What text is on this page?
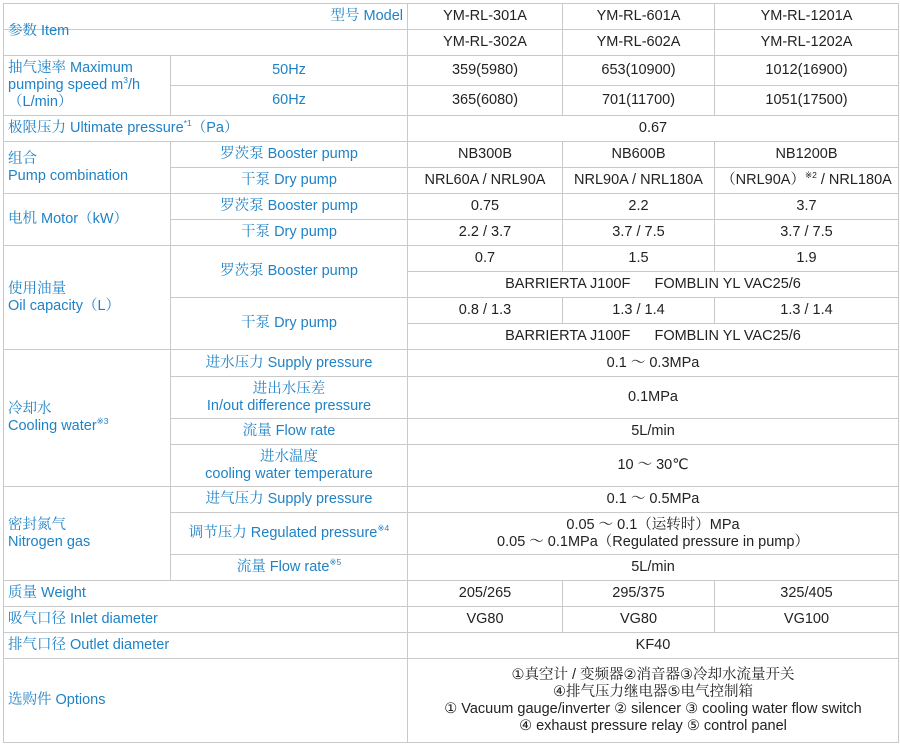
型号 Model		YM-RL-301A	YM-RL-601A	YM-RL-1201A
参数 Item		YM-RL-302A	YM-RL-602A	YM-RL-1202A
抽气速率 Maximum pumping speed $m^3/h(L/\min)$	50Hz	359(5980)	653(10900)	1012(16900)
	60Hz	365(6080)	701(11700)	1051(17500)
极限压力 Ultimate pressure$^{*1}$（Pa）		0.67		

组合
Pump combination	罗茨泵 Booster pump	NB300B	NB600B	NB1200B
	干泵 Dry pump	NRL60A / NRL90A	NRL90A / NRL180A	$(NRL90A)^{※2} / NRL180A$
电机 Motor（kW）	罗茨泵 Booster pump	0.75	2.2	3.7
	干泵 Dry pump	2.2 / 3.7	3.7 / 7.5	3.7 / 7.5

使用油量
Oil capacity（L）	罗茨泵 Booster pump	0.7	1.5	1.9
		BARRIERTA J100F      FOMBLIN YL VAC25/6		
	干泵 Dry pump	0.8 / 1.3	1.3 / 1.4	1.3 / 1.4
		BARRIERTA J100F      FOMBLIN YL VAC25/6		

冷却水
Cooling water$^{※3}$	进水压力 Supply pressure	0.1 ～ 0.3MPa		

	进出水压差
In/out difference pressure	0.1MPa		
	流量 Flow rate	5L/min		

	进水温度
cooling water temperature	10 ～ 30℃		

密封氮气
Nitrogen gas	进气压力 Supply pressure	0.1 ～ 0.5MPa		
	调节压力 Regulated pressure$^{※4}$	0.05 ～ 0.1（运转时）MPa
0.05 ～ 0.1MPa（Regulated pressure in pump）		

	流量 Flow rate$^{※5}$	5L/min		
质量 Weight		205/265	295/375	325/405
吸气口径 Inlet diameter		VG80	VG80	VG100
排气口径 Outlet diameter		KF40		
选购件 Options		①真空计 / 变频器②消音器③冷却水流量开关
④排气压力继电器⑤电气控制箱
① Vacuum gauge/inverter ② silencer ③ cooling water flow switch
④ exhaust pressure relay ⑤ control panel		
